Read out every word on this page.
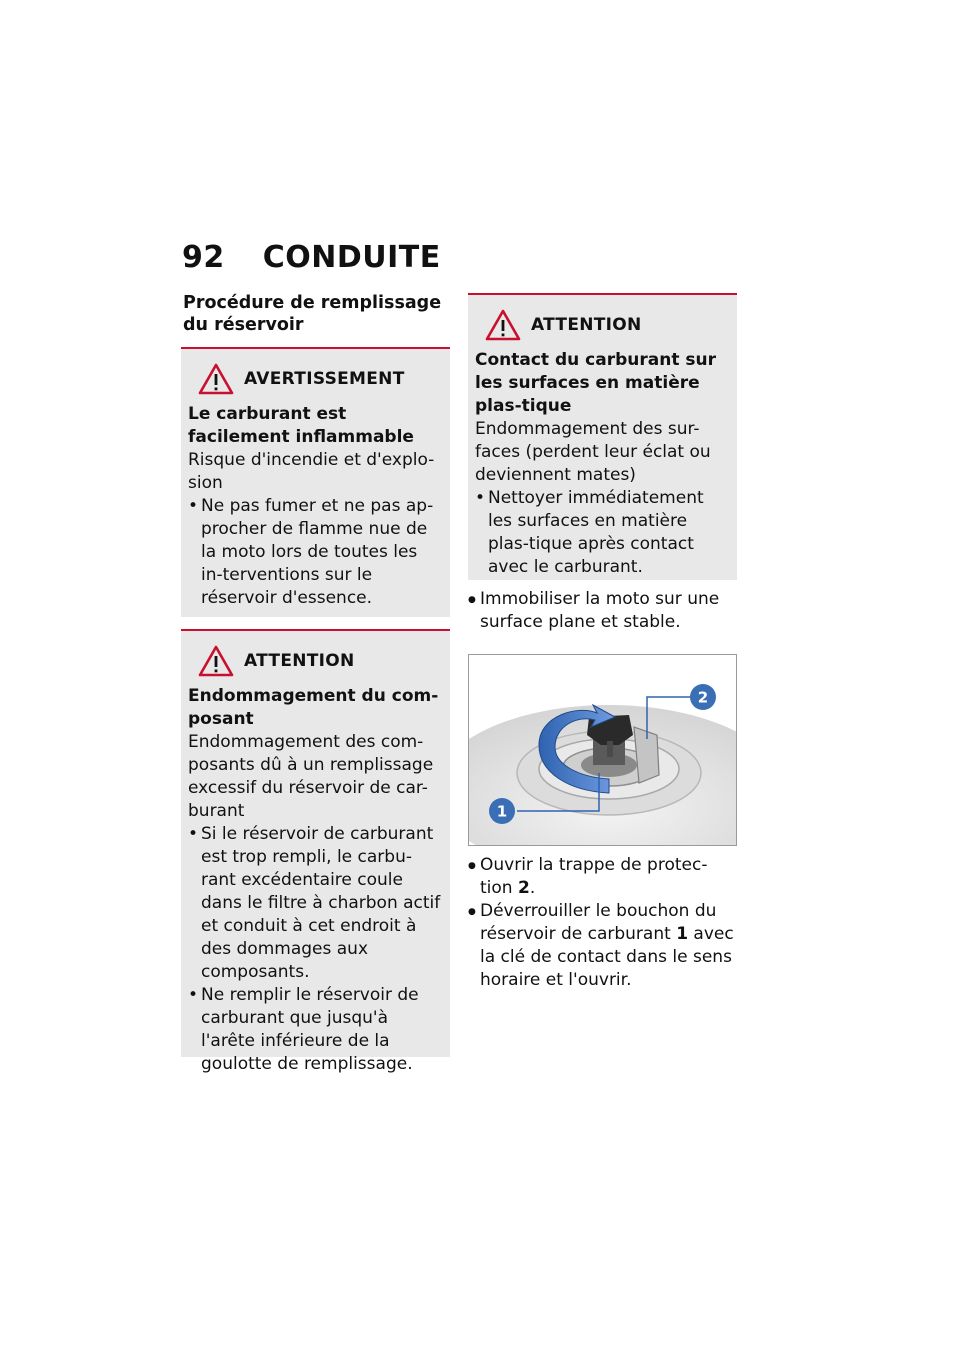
92 CONDUITE
Procédure de remplissage du réservoir
AVERTISSEMENT
Le carburant est facilement inflammable
Risque d'incendie et d'explo-sion
• Ne pas fumer et ne pas ap-procher de flamme nue de la moto lors de toutes les in-terventions sur le réservoir d'essence.
ATTENTION
Endommagement du com-posant
Endommagement des com-posants dû à un remplissage excessif du réservoir de car-burant
• Si le réservoir de carburant est trop rempli, le carbu-rant excédentaire coule dans le filtre à charbon actif et conduit à cet endroit à des dommages aux composants.
• Ne remplir le réservoir de carburant que jusqu'à l'arête inférieure de la goulotte de remplissage.
ATTENTION
Contact du carburant sur les surfaces en matière plas-tique
Endommagement des sur-faces (perdent leur éclat ou deviennent mates)
• Nettoyer immédiatement les surfaces en matière plas-tique après contact avec le carburant.
● Immobiliser la moto sur une surface plane et stable.
2
1
● Ouvrir la trappe de protec-tion 2.
● Déverrouiller le bouchon du réservoir de carburant 1 avec la clé de contact dans le sens horaire et l'ouvrir.
